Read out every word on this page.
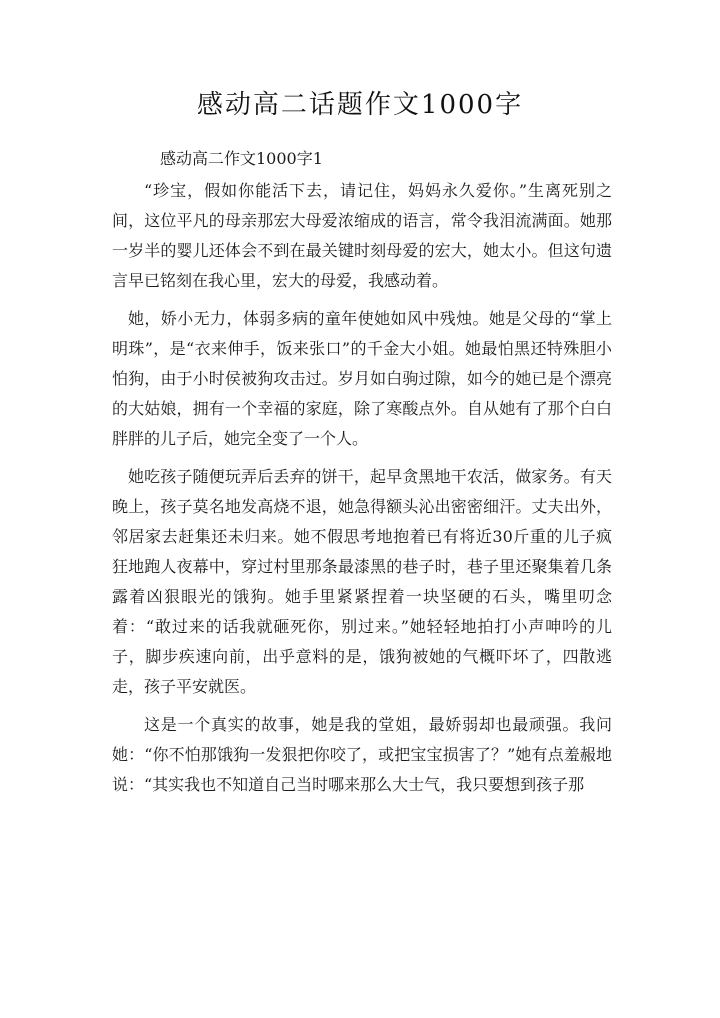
感动高二话题作文1000字

感动高二作文1000字1

“珍宝，假如你能活下去，请记住，妈妈永久爱你。”生离死别之间，这位平凡的母亲那宏大母爱浓缩成的语言，常令我泪流满面。她那一岁半的婴儿还体会不到在最关键时刻母爱的宏大，她太小。但这句遗言早已铭刻在我心里，宏大的母爱，我感动着。

她，娇小无力，体弱多病的童年使她如风中残烛。她是父母的“掌上明珠”，是“衣来伸手，饭来张口”的千金大小姐。她最怕黑还特殊胆小怕狗，由于小时侯被狗攻击过。岁月如白驹过隙，如今的她已是个漂亮的大姑娘，拥有一个幸福的家庭，除了寒酸点外。自从她有了那个白白胖胖的儿子后，她完全变了一个人。

她吃孩子随便玩弄后丢弃的饼干，起早贪黑地干农活，做家务。有天晚上，孩子莫名地发高烧不退，她急得额头沁出密密细汗。丈夫出外，邻居家去赶集还未归来。她不假思考地抱着已有将近30斤重的儿子疯狂地跑人夜幕中，穿过村里那条最漆黑的巷子时，巷子里还聚集着几条露着凶狠眼光的饿狗。她手里紧紧捏着一块坚硬的石头，嘴里叨念着：“敢过来的话我就砸死你，别过来。”她轻轻地拍打小声呻吟的儿子，脚步疾速向前，出乎意料的是，饿狗被她的气概吓坏了，四散逃走，孩子平安就医。

这是一个真实的故事，她是我的堂姐，最娇弱却也最顽强。我问她：“你不怕那饿狗一发狠把你咬了，或把宝宝损害了？”她有点羞赧地说：“其实我也不知道自己当时哪来那么大士气，我只要想到孩子那
